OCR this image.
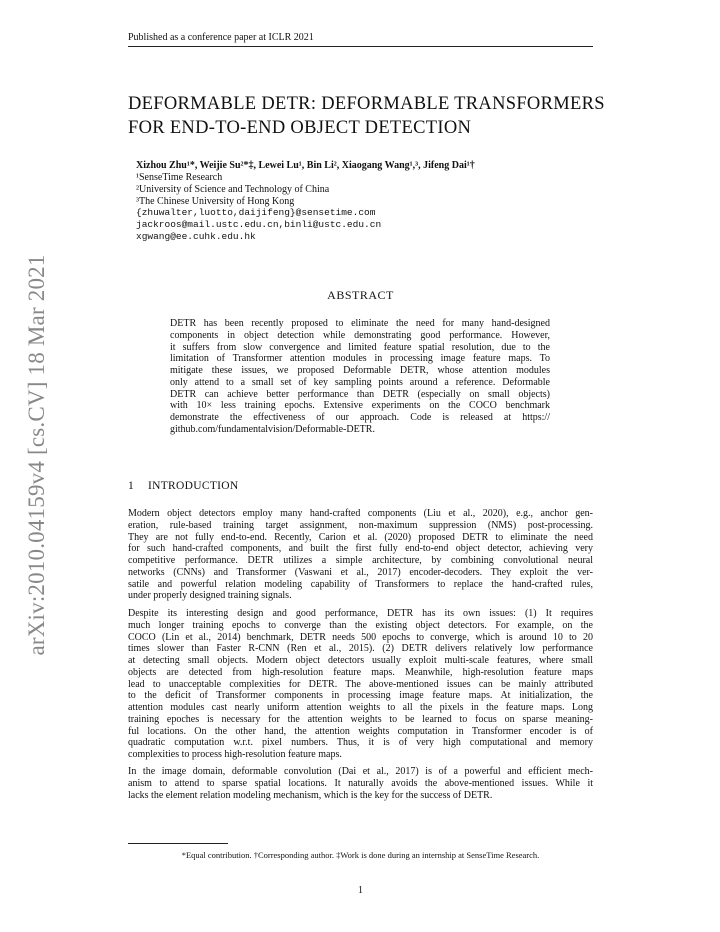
Published as a conference paper at ICLR 2021
arXiv:2010.04159v4 [cs.CV] 18 Mar 2021
DEFORMABLE DETR: DEFORMABLE TRANSFORMERS
FOR END-TO-END OBJECT DETECTION
Xizhou Zhu¹*, Weijie Su²*‡, Lewei Lu¹, Bin Li², Xiaogang Wang¹,³, Jifeng Dai¹†
¹SenseTime Research
²University of Science and Technology of China
³The Chinese University of Hong Kong
{zhuwalter,luotto,daijifeng}@sensetime.com
jackroos@mail.ustc.edu.cn,binli@ustc.edu.cn
xgwang@ee.cuhk.edu.hk
ABSTRACT
DETR has been recently proposed to eliminate the need for many hand-designed
components in object detection while demonstrating good performance. However,
it suffers from slow convergence and limited feature spatial resolution, due to the
limitation of Transformer attention modules in processing image feature maps. To
mitigate these issues, we proposed Deformable DETR, whose attention modules
only attend to a small set of key sampling points around a reference. Deformable
DETR can achieve better performance than DETR (especially on small objects)
with 10× less training epochs. Extensive experiments on the COCO benchmark
demonstrate the effectiveness of our approach. Code is released at https://
github.com/fundamentalvision/Deformable-DETR.
1 INTRODUCTION
Modern object detectors employ many hand-crafted components (Liu et al., 2020), e.g., anchor gen-
eration, rule-based training target assignment, non-maximum suppression (NMS) post-processing.
They are not fully end-to-end. Recently, Carion et al. (2020) proposed DETR to eliminate the need
for such hand-crafted components, and built the first fully end-to-end object detector, achieving very
competitive performance. DETR utilizes a simple architecture, by combining convolutional neural
networks (CNNs) and Transformer (Vaswani et al., 2017) encoder-decoders. They exploit the ver-
satile and powerful relation modeling capability of Transformers to replace the hand-crafted rules,
under properly designed training signals.
Despite its interesting design and good performance, DETR has its own issues: (1) It requires
much longer training epochs to converge than the existing object detectors. For example, on the
COCO (Lin et al., 2014) benchmark, DETR needs 500 epochs to converge, which is around 10 to 20
times slower than Faster R-CNN (Ren et al., 2015). (2) DETR delivers relatively low performance
at detecting small objects. Modern object detectors usually exploit multi-scale features, where small
objects are detected from high-resolution feature maps. Meanwhile, high-resolution feature maps
lead to unacceptable complexities for DETR. The above-mentioned issues can be mainly attributed
to the deficit of Transformer components in processing image feature maps. At initialization, the
attention modules cast nearly uniform attention weights to all the pixels in the feature maps. Long
training epoches is necessary for the attention weights to be learned to focus on sparse meaning-
ful locations. On the other hand, the attention weights computation in Transformer encoder is of
quadratic computation w.r.t. pixel numbers. Thus, it is of very high computational and memory
complexities to process high-resolution feature maps.
In the image domain, deformable convolution (Dai et al., 2017) is of a powerful and efficient mech-
anism to attend to sparse spatial locations. It naturally avoids the above-mentioned issues. While it
lacks the element relation modeling mechanism, which is the key for the success of DETR.
*Equal contribution. †Corresponding author. ‡Work is done during an internship at SenseTime Research.
1
